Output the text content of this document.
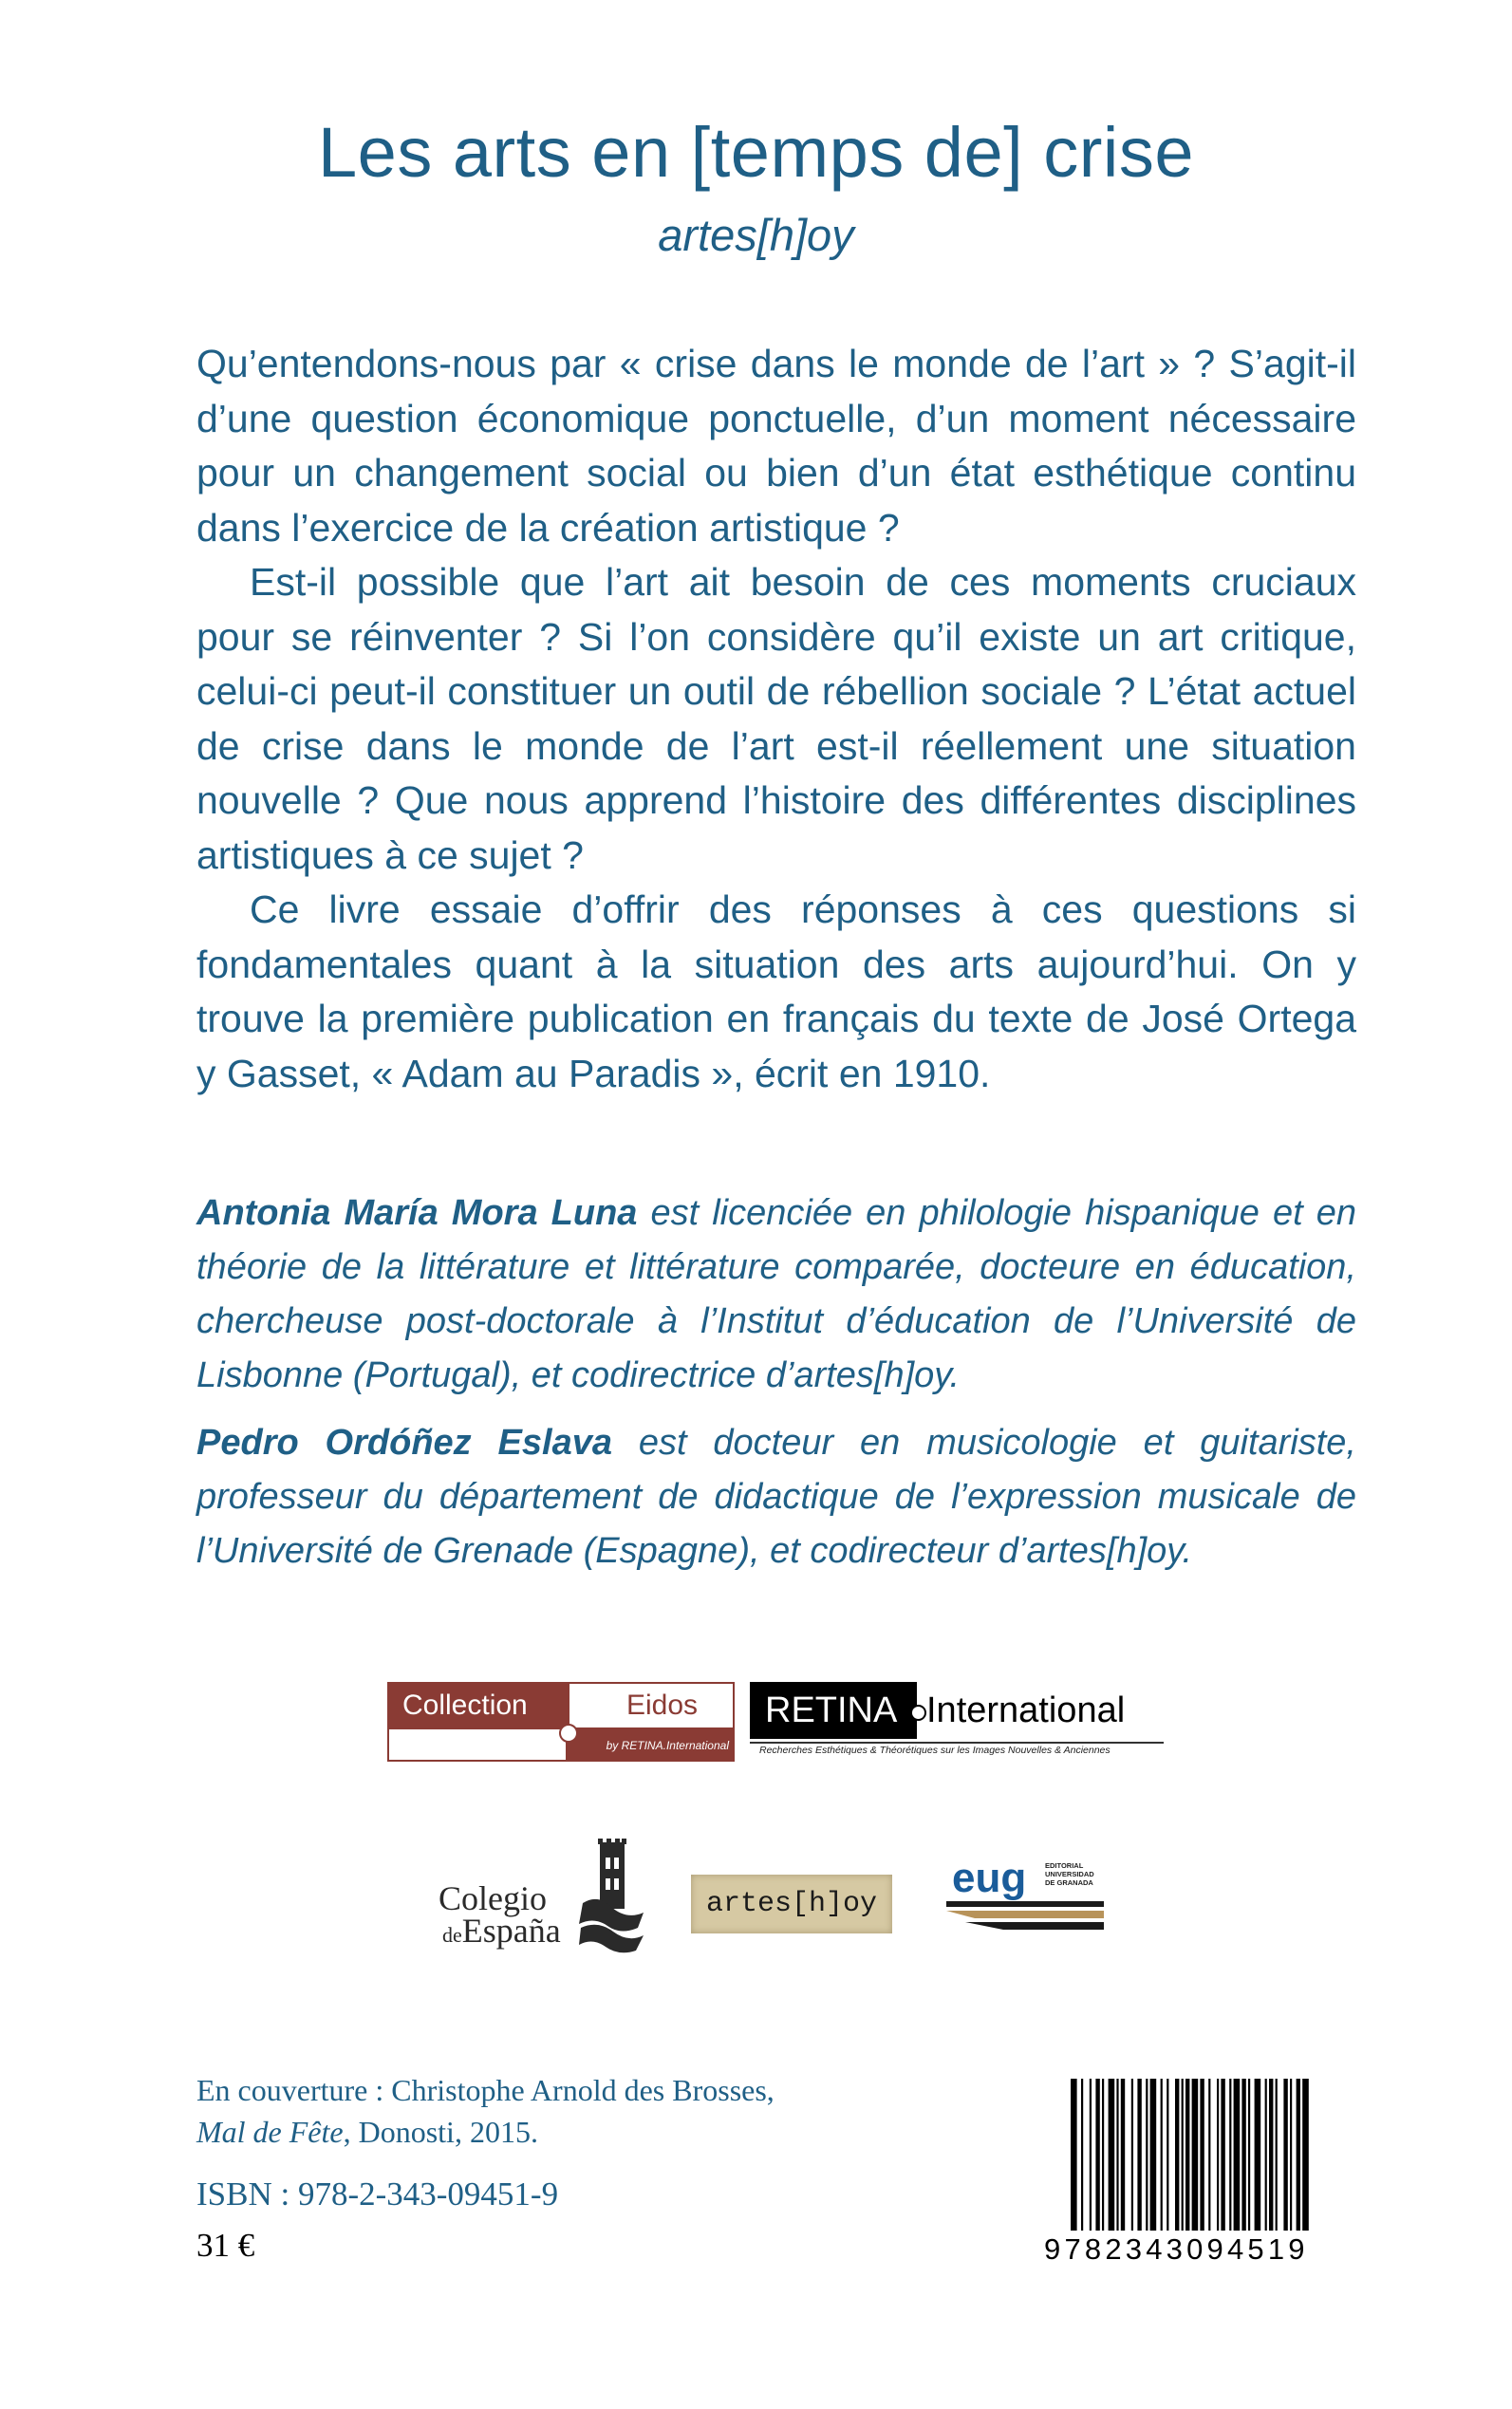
Les arts en [temps de] crise
artes[h]oy

Qu’entendons-nous par « crise dans le monde de l’art » ? S’agit-il d’une question économique ponctuelle, d’un moment nécessaire pour un changement social ou bien d’un état esthétique continu dans l’exercice de la création artistique ?

Est-il possible que l’art ait besoin de ces moments cruciaux pour se réinventer ? Si l’on considère qu’il existe un art critique, celui-ci peut-il constituer un outil de rébellion sociale ? L’état actuel de crise dans le monde de l’art est-il réellement une situation nouvelle ? Que nous apprend l’histoire des différentes disciplines artistiques à ce sujet ?

Ce livre essaie d’offrir des réponses à ces questions si fondamentales quant à la situation des arts aujourd’hui. On y trouve la première publication en français du texte de José Ortega y Gasset, « Adam au Paradis », écrit en 1910.

Antonia María Mora Luna est licenciée en philologie hispanique et en théorie de la littérature et littérature comparée, docteure en éducation, chercheuse post-doctorale à l’Institut d’éducation de l’Université de Lisbonne (Portugal), et codirectrice d’artes[h]oy.

Pedro Ordóñez Eslava est docteur en musicologie et guitariste, professeur du département de didactique de l’expression musicale de l’Université de Grenade (Espagne), et codirecteur d’artes[h]oy.

Collection	Eidos
by RETINA.International
RETINA International
Recherches Esthétiques & Théorétiques sur les Images Nouvelles & Anciennes
Colegio
deEspaña
artes[h]oy
eug	EDITORIAL
UNIVERSIDAD
DE GRANADA
En couverture : Christophe Arnold des Brosses,
Mal de Fête, Donosti, 2015.
ISBN : 978-2-343-09451-9
31 €	9782343094519
